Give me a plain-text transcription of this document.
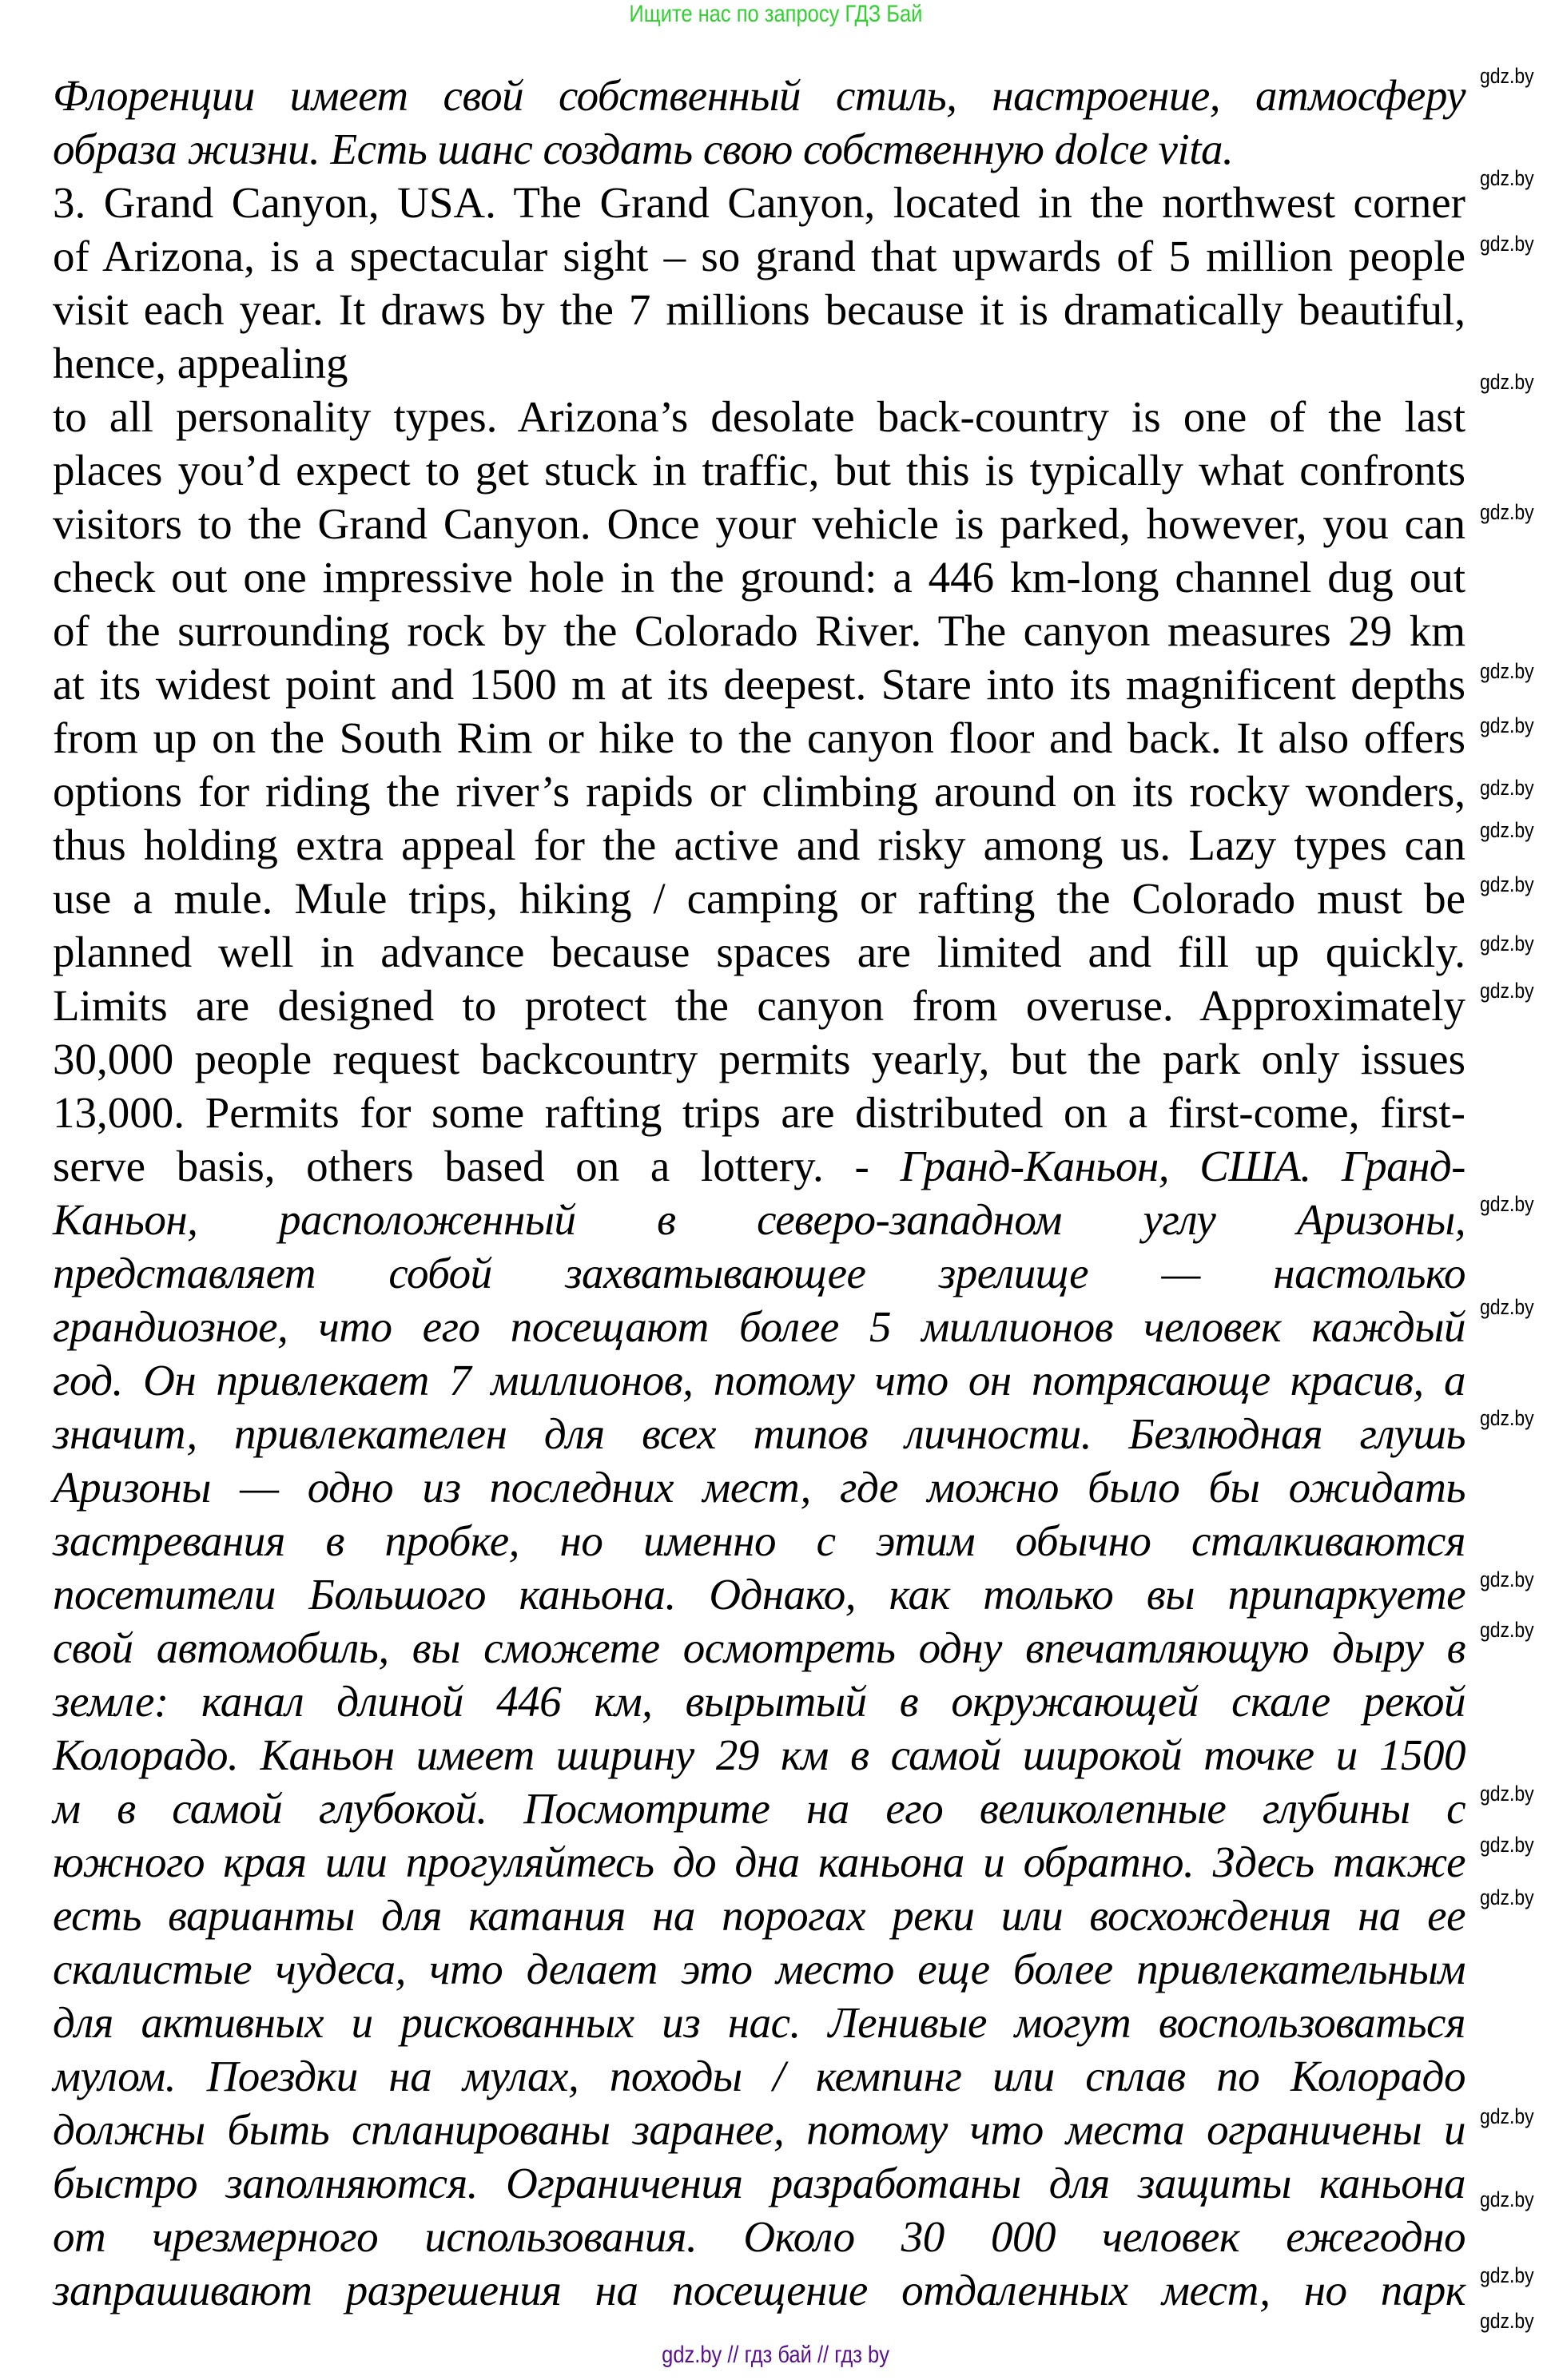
Ищите нас по запросу ГДЗ Бай
Флоренции имеет свой собственный стиль, настроение, атмосферу
образа жизни. Есть шанс создать свою собственную dolce vita.
3. Grand Canyon, USA. The Grand Canyon, located in the northwest corner
of Arizona, is a spectacular sight – so grand that upwards of 5 million people
visit each year. It draws by the 7 millions because it is dramatically beautiful,
hence, appealing
to all personality types. Arizona’s desolate back-country is one of the last
places you’d expect to get stuck in traffic, but this is typically what confronts
visitors to the Grand Canyon. Once your vehicle is parked, however, you can
check out one impressive hole in the ground: a 446 km-long channel dug out
of the surrounding rock by the Colorado River. The canyon measures 29 km
at its widest point and 1500 m at its deepest. Stare into its magnificent depths
from up on the South Rim or hike to the canyon floor and back. It also offers
options for riding the river’s rapids or climbing around on its rocky wonders,
thus holding extra appeal for the active and risky among us. Lazy types can
use a mule. Mule trips, hiking / camping or rafting the Colorado must be
planned well in advance because spaces are limited and fill up quickly.
Limits are designed to protect the canyon from overuse. Approximately
30,000 people request backcountry permits yearly, but the park only issues
13,000. Permits for some rafting trips are distributed on a first-come, first-
serve basis, others based on a lottery. - Гранд-Каньон, США. Гранд-
Каньон, расположенный в северо-западном углу Аризоны,
представляет собой захватывающее зрелище — настолько
грандиозное, что его посещают более 5 миллионов человек каждый
год. Он привлекает 7 миллионов, потому что он потрясающе красив, а
значит, привлекателен для всех типов личности. Безлюдная глушь
Аризоны — одно из последних мест, где можно было бы ожидать
застревания в пробке, но именно с этим обычно сталкиваются
посетители Большого каньона. Однако, как только вы припаркуете
свой автомобиль, вы сможете осмотреть одну впечатляющую дыру в
земле: канал длиной 446 км, вырытый в окружающей скале рекой
Колорадо. Каньон имеет ширину 29 км в самой широкой точке и 1500
м в самой глубокой. Посмотрите на его великолепные глубины с
южного края или прогуляйтесь до дна каньона и обратно. Здесь также
есть варианты для катания на порогах реки или восхождения на ее
скалистые чудеса, что делает это место еще более привлекательным
для активных и рискованных из нас. Ленивые могут воспользоваться
мулом. Поездки на мулах, походы / кемпинг или сплав по Колорадо
должны быть спланированы заранее, потому что места ограничены и
быстро заполняются. Ограничения разработаны для защиты каньона
от чрезмерного использования. Около 30 000 человек ежегодно
запрашивают разрешения на посещение отдаленных мест, но парк
gdz.by
gdz.by
gdz.by
gdz.by
gdz.by
gdz.by
gdz.by
gdz.by
gdz.by
gdz.by
gdz.by
gdz.by
gdz.by
gdz.by
gdz.by
gdz.by
gdz.by
gdz.by
gdz.by
gdz.by
gdz.by
gdz.by
gdz.by
gdz.by
gdz.by // гдз бай // гдз by
